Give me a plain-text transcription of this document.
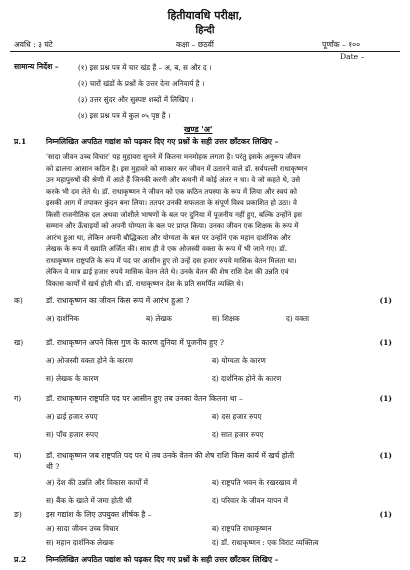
हितीयावधि परीक्षा,
हिन्दी
अवधि : ३ घंटे	कक्षा – छठवीं	पूर्णांक – १००
Date –
सामान्य निर्देश –	(१) इस प्रश्न पत्र में चार खंड हैं – अ, ब, स और द ।
(२) चारों खंडों के प्रश्नों के उत्तर देना अनिवार्य है ।
(३) उत्तर सुंदर और सुस्पष्ट शब्दों में लिखिए ।
(४) इस प्रश्न पत्र में कुल ०५ पृष्ठ हैं ।
खण्ड 'अ'
प्र.1	निम्नलिखित अपठित गद्यांश को पढ़कर दिए गए प्रश्नों के सही उत्तर छाँटकर लिखिए –
'सादा जीवन उच्च विचार' यह मुहावरा सुनने में कितना मनमोहक लगता है। परंतु इसके अनुरूप जीवन
को ढालना आसान कठिन है। इस मुहावरे को साकार कर जीवन में उतारने वाले डॉ. सर्वपल्ली राधाकृष्णन
उन महापुरुषों की श्रेणी में आते हैं जिनकी करनी और कथनी में कोई अंतर न था। वे जो कहते थे, उसे
करके भी दम लेते थे। डॉ. राधाकृष्णन ने जीवन को एक कठिन तपस्या के रूप में लिया और स्वयं को
इसकी आग में तपाकर कुंदन बना लिया। ततपर उनकी सफलता के संपूर्ण विश्व प्रकाशित हो उठा। वे
किसी राजनीतिक दल अथवा जोशीले भाषणों के बल पर दुनिया में पूजनीय नहीं हुए, बल्कि उन्होंने इस
सम्मान और ऊँचाइयों को अपनी योग्यता के बल पर प्राप्त किया। उनका जीवन एक शिक्षक के रूप में
आरंभ हुआ था, लेकिन अपनी बौद्धिकता और योग्यता के बल पर उन्होंने एक महान दार्शनिक और
लेखक के रूप में ख्याति अर्जित की। साथ ही वे एक ओजस्वी वक्ता के रूप में भी जाने गए। डॉ.
राधाकृष्णन राष्ट्रपति के रूप में पद पर आसीन हुए तो उन्हें दस हजार रुपये मासिक वेतन मिलता था।
लेकिन वे मात्र ढाई हजार रुपये मासिक वेतन लेते थे। उनके वेतन की शेष राशि देश की उन्नति एवं
विकास कार्यों में खर्च होती थी। डॉ. राधाकृष्णन देश के प्रति समर्पित व्यक्ति थे।
क)	डॉ. राधाकृष्णन का जीवन किस रूप में आरंभ हुआ ?	(1)
अ) दार्शनिक	ब) लेखक	स) शिक्षक	द) वक्ता
ख)	डॉ. राधाकृष्णन अपने किस गुण के कारण दुनिया में पूजनीय हुए ?	(1)
अ) ओजस्वी वक्ता होने के कारण	ब) योग्यता के कारण
स) लेखक के कारण	द) दार्शनिक होने के कारण
ग)	डॉ. राधाकृष्णन राष्ट्रपति पद पर आसीन हुए तब उनका वेतन कितना था –	(1)
अ) ढाई हजार रुपए	ब) दस हजार रुपए
स) पाँच हजार रुपए	द) सात हजार रुपए
घ)	डॉ. राधाकृष्णन जब राष्ट्रपति पद पर थे तब उनके वेतन की शेष राशि किस कार्य में खर्च होती	(1)
थी ?
अ) देश की उन्नति और विकास कार्यों में	ब) राष्ट्रपति भवन के रखरखाव में
स) बैंक के खाते में जमा होती थी	द) परिवार के जीवन यापन में
ङ)	इस गद्यांश के लिए उपयुक्त शीर्षक है –	(1)
अ) सादा जीवन उच्च विचार	ब) राष्ट्रपति राधाकृष्णन
स) महान दार्शनिक लेखक	द) डॉ. राधाकृष्णन : एक विराट व्यक्तित्व
प्र.2	निम्नलिखित अपठित पद्यांश को पढ़कर दिए गए प्रश्नों के सही उत्तर छाँटकर लिखिए –
